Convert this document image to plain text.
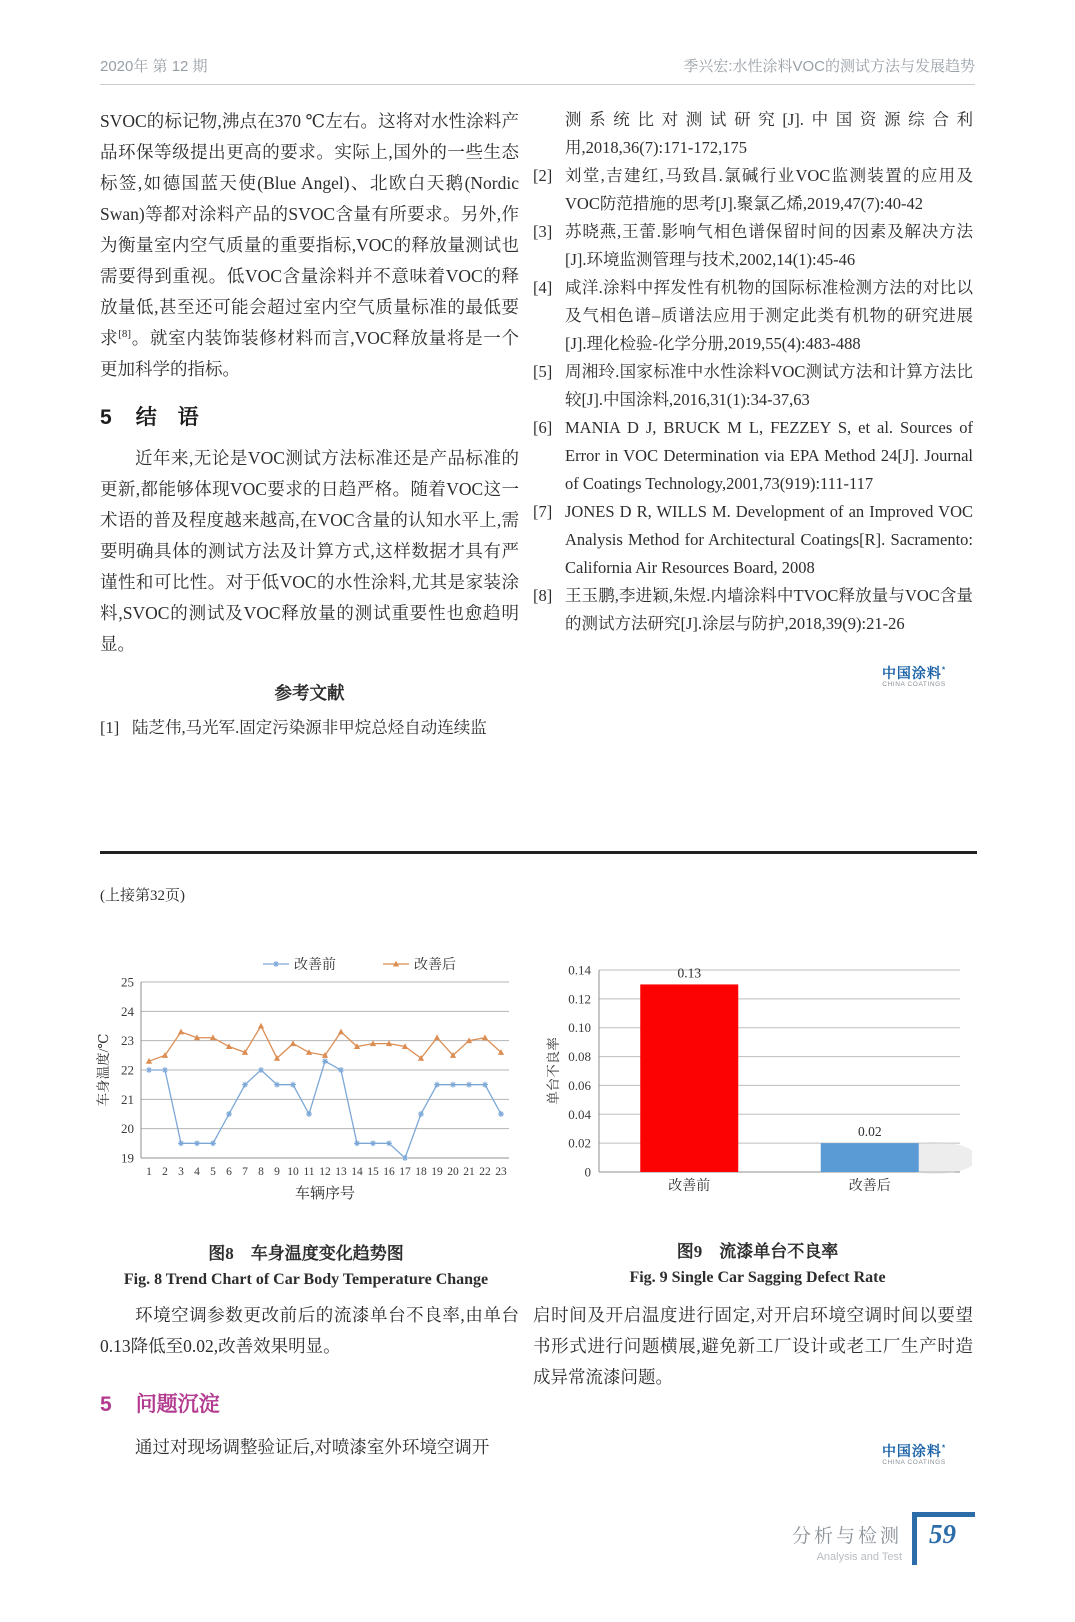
2020年 第 12 期	季兴宏:水性涂料VOC的测试方法与发展趋势

SVOC的标记物,沸点在370 ℃左右。这将对水性涂料产品环保等级提出更高的要求。实际上,国外的一些生态标签,如德国蓝天使(Blue Angel)、北欧白天鹅(Nordic Swan)等都对涂料产品的SVOC含量有所要求。另外,作为衡量室内空气质量的重要指标,VOC的释放量测试也需要得到重视。低VOC含量涂料并不意味着VOC的释放量低,甚至还可能会超过室内空气质量标准的最低要求[8]。就室内装饰装修材料而言,VOC释放量将是一个更加科学的指标。

5 结　语

近年来,无论是VOC测试方法标准还是产品标准的更新,都能够体现VOC要求的日趋严格。随着VOC这一术语的普及程度越来越高,在VOC含量的认知水平上,需要明确具体的测试方法及计算方式,这样数据才具有严谨性和可比性。对于低VOC的水性涂料,尤其是家装涂料,SVOC的测试及VOC释放量的测试重要性也愈趋明显。

参考文献
[1] 陆芝伟,马光军.固定污染源非甲烷总烃自动连续监
测系统比对测试研究[J].中国资源综合利用,2018,36(7):171-172,175
[2] 刘堂,吉建红,马致昌.氯碱行业VOC监测装置的应用及VOC防范措施的思考[J].聚氯乙烯,2019,47(7):40-42
[3] 苏晓燕,王蕾.影响气相色谱保留时间的因素及解决方法[J].环境监测管理与技术,2002,14(1):45-46
[4] 咸洋.涂料中挥发性有机物的国际标准检测方法的对比以及气相色谱–质谱法应用于测定此类有机物的研究进展[J].理化检验-化学分册,2019,55(4):483-488
[5] 周湘玲.国家标准中水性涂料VOC测试方法和计算方法比较[J].中国涂料,2016,31(1):34-37,63
[6] MANIA D J, BRUCK M L, FEZZEY S, et al. Sources of Error in VOC Determination via EPA Method 24[J]. Journal of Coatings Technology,2001,73(919):111-117
[7] JONES D R, WILLS M. Development of an Improved VOC Analysis Method for Architectural Coatings[R]. Sacramento: California Air Resources Board, 2008
[8] 王玉鹏,李进颖,朱煜.内墙涂料中TVOC释放量与VOC含量的测试方法研究[J].涂层与防护,2018,39(9):21-26
中国涂料*
CHINA COATINGS
(上接第32页)
19
20
21
22
23
24
25
1 2 3 4 5 6 7 8 9 10 11 12 13 14 15 16 17 18 19 20 21 22 23
改善前	改善后
车辆序号
车身温度/℃
图8　车身温度变化趋势图
Fig. 8 Trend Chart of Car Body Temperature Change
0
0.02
0.04
0.06
0.08
0.10
0.12
0.14	0.13
改善前
0.02
改善后
单台不良率
图9　流漆单台不良率
Fig. 9 Single Car Sagging Defect Rate

环境空调参数更改前后的流漆单台不良率,由单台0.13降低至0.02,改善效果明显。

5 问题沉淀

通过对现场调整验证后,对喷漆室外环境空调开

启时间及开启温度进行固定,对开启环境空调时间以要望书形式进行问题横展,避免新工厂设计或老工厂生产时造成异常流漆问题。

中国涂料*
CHINA COATINGS
分析与检测
Analysis and Test
59
